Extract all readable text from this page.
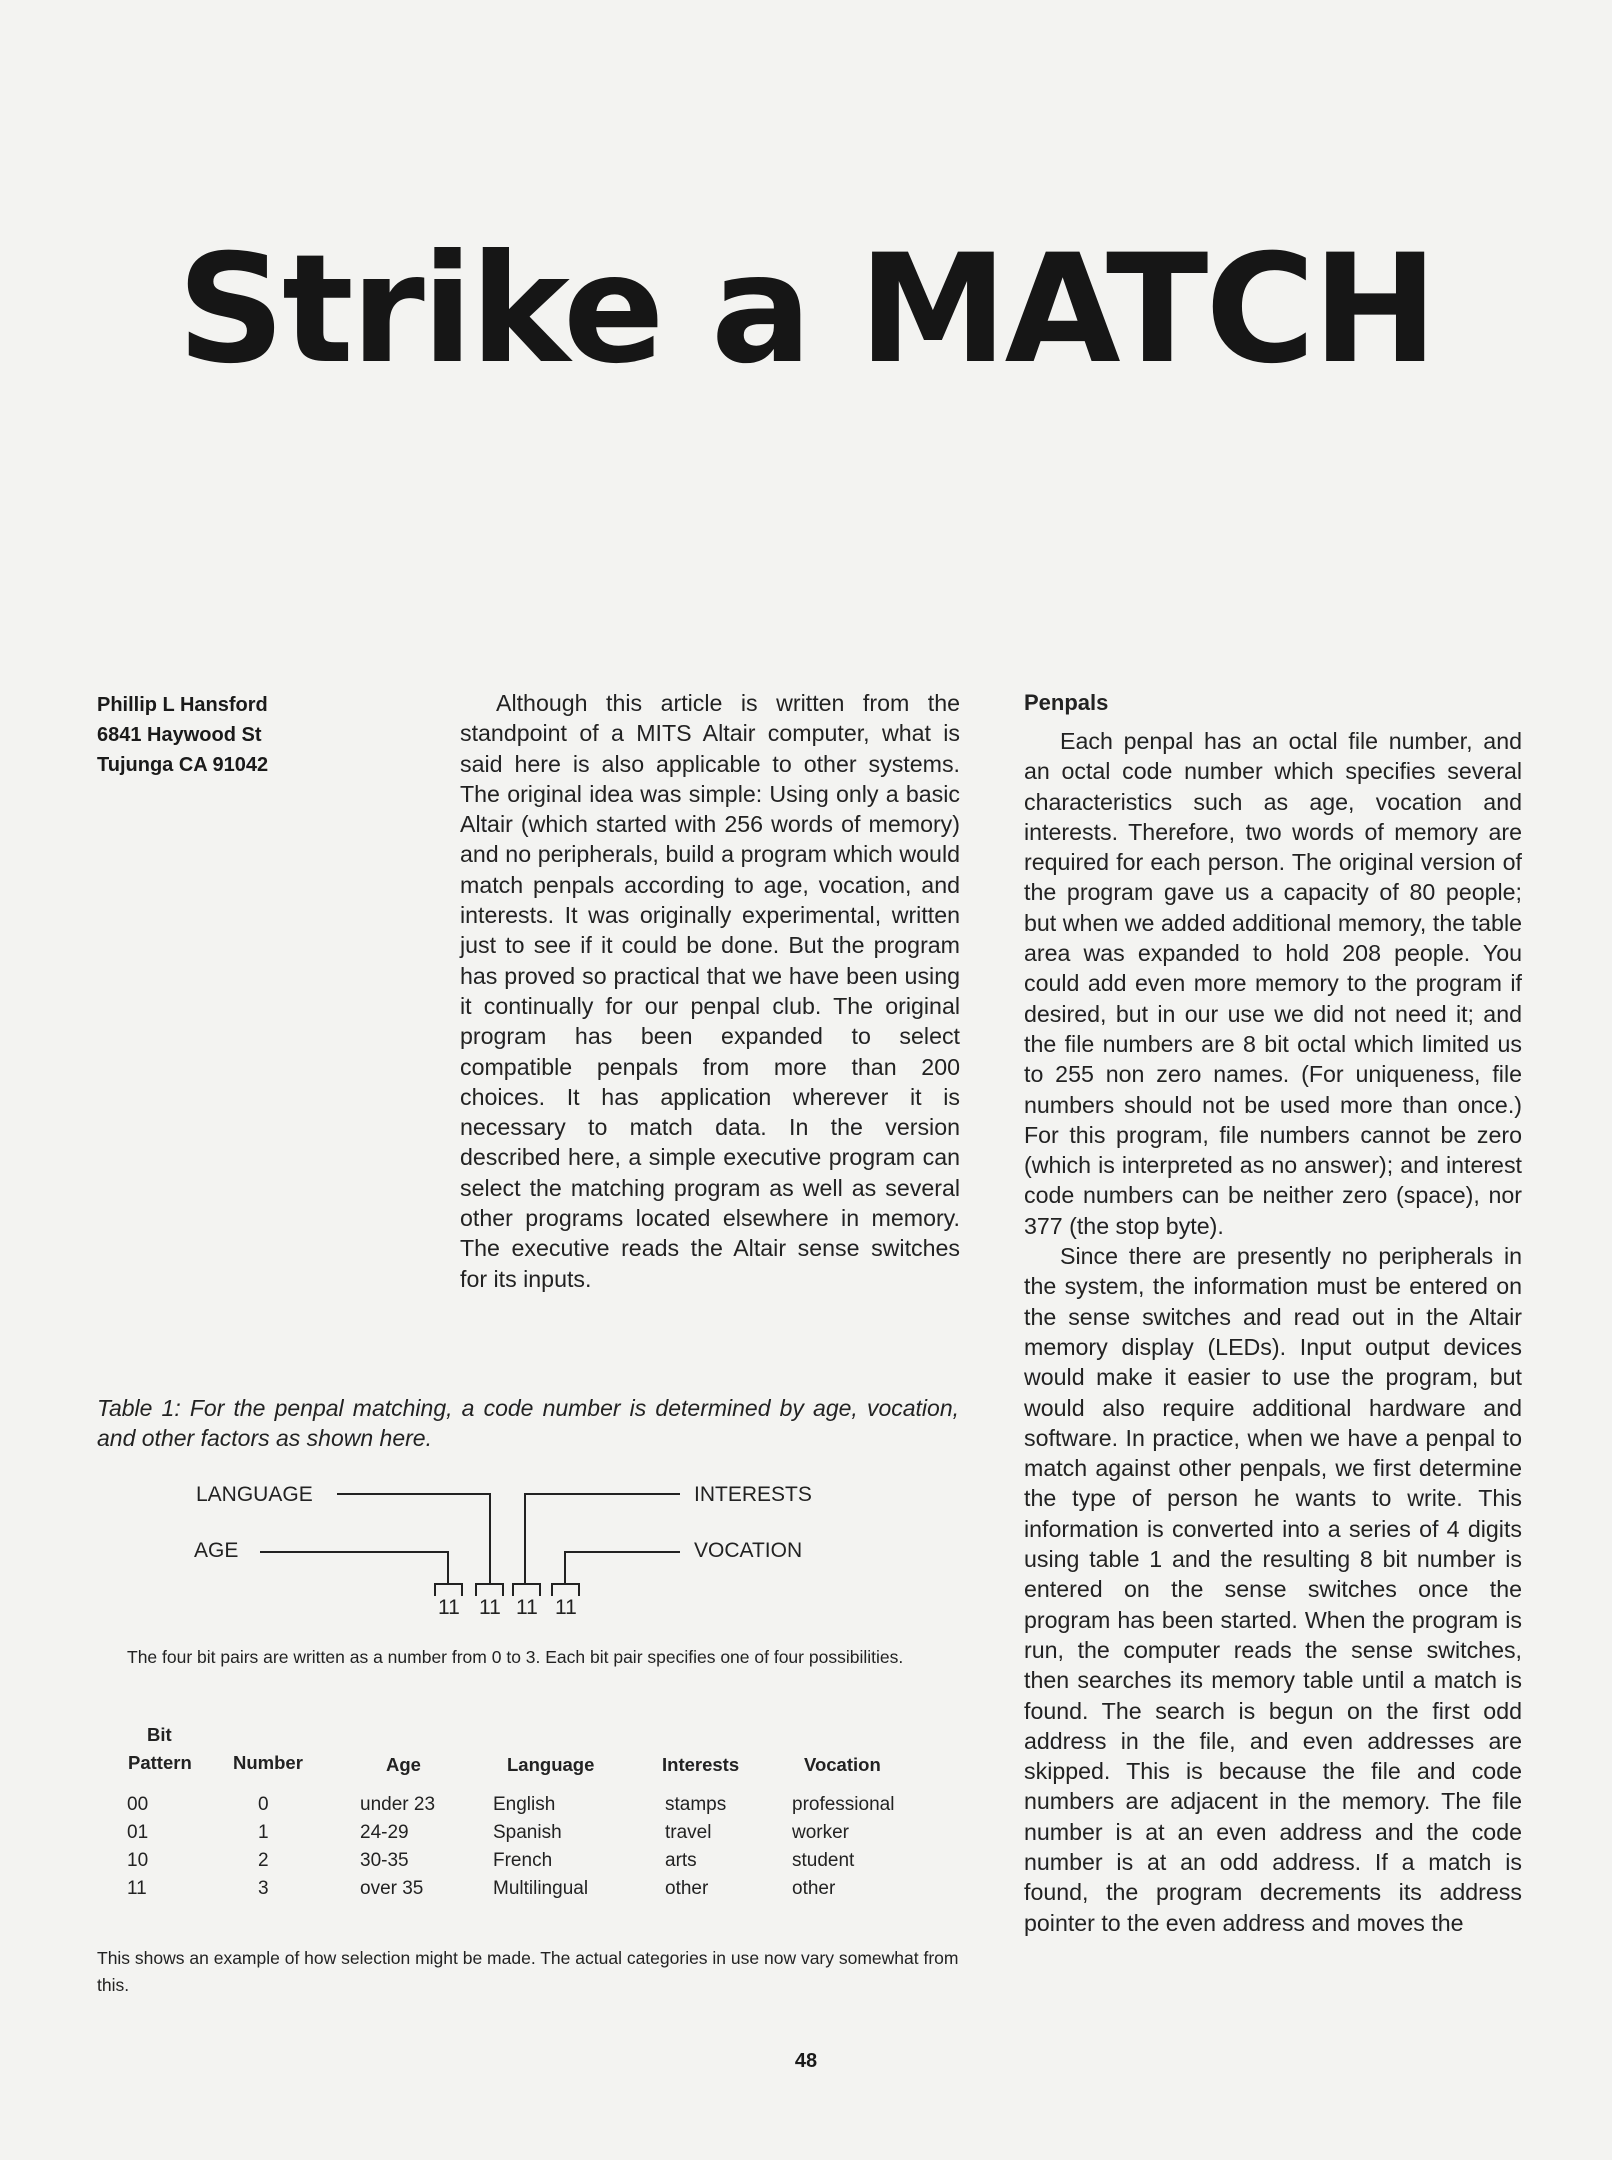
Strike a MATCH
Phillip L Hansford
6841 Haywood St
Tujunga CA 91042

Although this article is written from the standpoint of a MITS Altair computer, what is said here is also applicable to other systems. The original idea was simple: Using only a basic Altair (which started with 256 words of memory) and no peripherals, build a program which would match penpals according to age, vocation, and interests. It was originally experimental, written just to see if it could be done. But the program has proved so practical that we have been using it continually for our penpal club. The original program has been expanded to select compatible penpals from more than 200 choices. It has application wherever it is necessary to match data. In the version described here, a simple executive program can select the matching program as well as several other programs located elsewhere in memory. The executive reads the Altair sense switches for its inputs.

Penpals

Each penpal has an octal file number, and an octal code number which specifies several characteristics such as age, vocation and interests. Therefore, two words of memory are required for each person. The original version of the program gave us a capacity of 80 people; but when we added additional memory, the table area was expanded to hold 208 people. You could add even more memory to the program if desired, but in our use we did not need it; and the file numbers are 8 bit octal which limited us to 255 non zero names. (For uniqueness, file numbers should not be used more than once.) For this program, file numbers cannot be zero (which is interpreted as no answer); and interest code numbers can be neither zero (space), nor 377 (the stop byte).

Since there are presently no peripherals in the system, the information must be entered on the sense switches and read out in the Altair memory display (LEDs). Input output devices would make it easier to use the program, but would also require additional hardware and software. In practice, when we have a penpal to match against other penpals, we first determine the type of person he wants to write. This information is converted into a series of 4 digits using table 1 and the resulting 8 bit number is entered on the sense switches once the program has been started. When the program is run, the computer reads the sense switches, then searches its memory table until a match is found. The search is begun on the first odd address in the file, and even addresses are skipped. This is because the file and code numbers are adjacent in the memory. The file number is at an even address and the code number is at an odd address. If a match is found, the program decrements its address pointer to the even address and moves the

Table 1: For the penpal matching, a code number is determined by age, vocation, and other factors as shown here.
LANGUAGE
AGE
INTERESTS
VOCATION
11 11 11 11
The four bit pairs are written as a number from 0 to 3. Each bit pair specifies one of four possibilities.
Bit
Pattern Number	Age	Language	Interests	Vocation
00	0	under 23	English	stamps	professional
01	1	24-29	Spanish	travel	worker
10	2	30-35	French	arts	student
11	3	over 35	Multilingual	other	other
This shows an example of how selection might be made. The actual categories in use now vary somewhat from this.
48
